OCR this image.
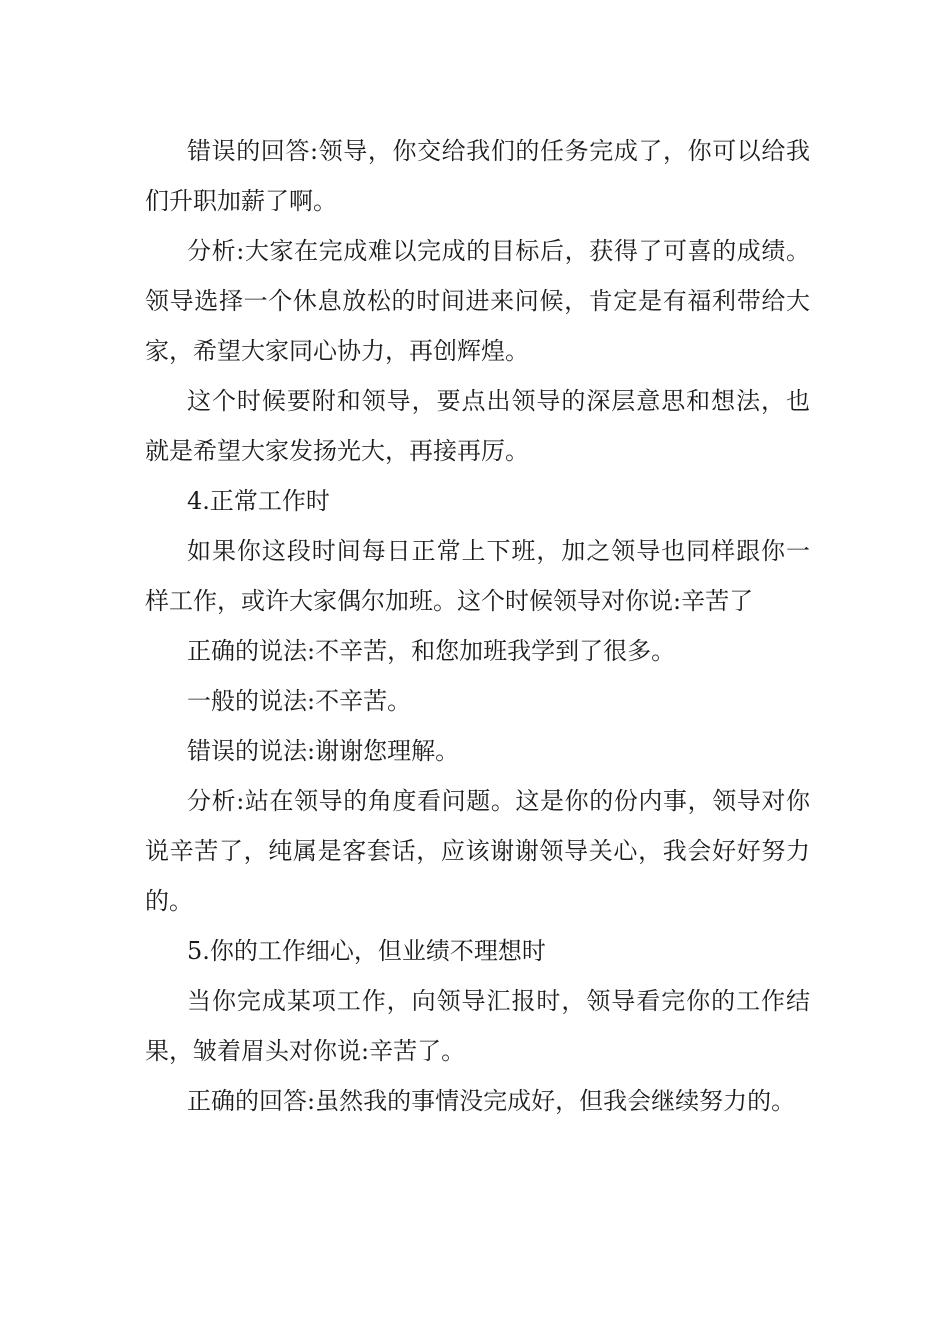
错误的回答:领导，你交给我们的任务完成了，你可以给我们升职加薪了啊。

分析:大家在完成难以完成的目标后，获得了可喜的成绩。领导选择一个休息放松的时间进来问候，肯定是有福利带给大家，希望大家同心协力，再创辉煌。

这个时候要附和领导，要点出领导的深层意思和想法，也就是希望大家发扬光大，再接再厉。

4.正常工作时

如果你这段时间每日正常上下班，加之领导也同样跟你一样工作，或许大家偶尔加班。这个时候领导对你说:辛苦了

正确的说法:不辛苦，和您加班我学到了很多。

一般的说法:不辛苦。

错误的说法:谢谢您理解。

分析:站在领导的角度看问题。这是你的份内事，领导对你说辛苦了，纯属是客套话，应该谢谢领导关心，我会好好努力的。

5.你的工作细心，但业绩不理想时

当你完成某项工作，向领导汇报时，领导看完你的工作结果，皱着眉头对你说:辛苦了。

正确的回答:虽然我的事情没完成好，但我会继续努力的。
